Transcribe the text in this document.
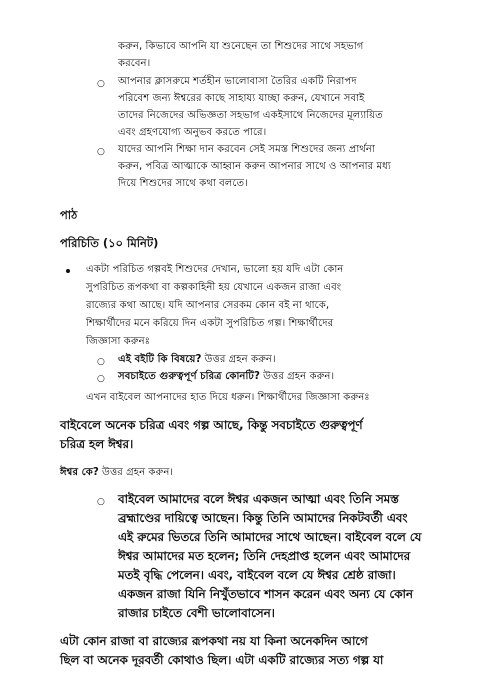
করুন, কিভাবে আপনি যা শুনেছেন তা শিশুদের সাথে সহভাগ
করবেন।
○ আপনার ক্লাসরুমে শর্তহীন ভালোবাসা তৈরির একটি নিরাপদ
পরিবেশ জন্য ঈশ্বরের কাছে সাহায্য যাচ্ছা করুন, যেখানে সবাই
তাদের নিজেদের অভিজ্ঞতা সহভাগ একইসাথে নিজেদের মূল্যায়িত
এবং গ্রহণযোগ্য অনুভব করতে পারে।
○ যাদের আপনি শিক্ষা দান করবেন সেই সমস্ত শিশুদের জন্য প্রার্থনা
করুন, পবিত্র আত্মাকে আহ্বান করুন আপনার সাথে ও আপনার মধ্য
দিয়ে শিশুদের সাথে কথা বলতে।
পাঠ
পরিচিতি (১০ মিনিট)
একটা পরিচিত গল্পবই শিশুদের দেখান, ভালো হয় যদি এটা কোন
সুপরিচিত রূপকথা বা কল্পকাহিনী হয় যেখানে একজন রাজা এবং
রাজ্যের কথা আছে। যদি আপনার সেরকম কোন বই না থাকে,
শিক্ষার্থীদের মনে করিয়ে দিন একটা সুপরিচিত গল্প। শিক্ষার্থীদের
জিজ্ঞাসা করুনঃ
○ এই বইটি কি বিষয়ে? উত্তর গ্রহন করুন।
○ সবচাইতে গুরুত্বপূর্ণ চরিত্র কোনটি? উত্তর গ্রহন করুন।
এখন বাইবেল আপনাদের হাত দিয়ে ধরুন। শিক্ষার্থীদের জিজ্ঞাসা করুনঃ
বাইবেলে অনেক চরিত্র এবং গল্প আছে, কিন্তু সবচাইতে গুরুত্বপূর্ণ
চরিত্র হল ঈশ্বর।
ঈশ্বর কে? উত্তর গ্রহন করুন।
○ বাইবেল আমাদের বলে ঈশ্বর একজন আত্মা এবং তিনি সমস্ত
ব্রহ্মাণ্ডের দায়িত্বে আছেন। কিন্তু তিনি আমাদের নিকটবর্তী এবং
এই রুমের ভিতরে তিনি আমাদের সাথে আছেন। বাইবেল বলে যে
ঈশ্বর আমাদের মত হলেন; তিনি দেহপ্রাপ্ত হলেন এবং আমাদের
মতই বৃদ্ধি পেলেন। এবং, বাইবেল বলে যে ঈশ্বর শ্রেষ্ঠ রাজা।
একজন রাজা যিনি নিখুঁতভাবে শাসন করেন এবং অন্য যে কোন
রাজার চাইতে বেশী ভালোবাসেন।
এটা কোন রাজা বা রাজ্যের রূপকথা নয় যা কিনা অনেকদিন আগে
ছিল বা অনেক দূরবর্তী কোথাও ছিল। এটা একটি রাজ্যের সত্য গল্প যা
